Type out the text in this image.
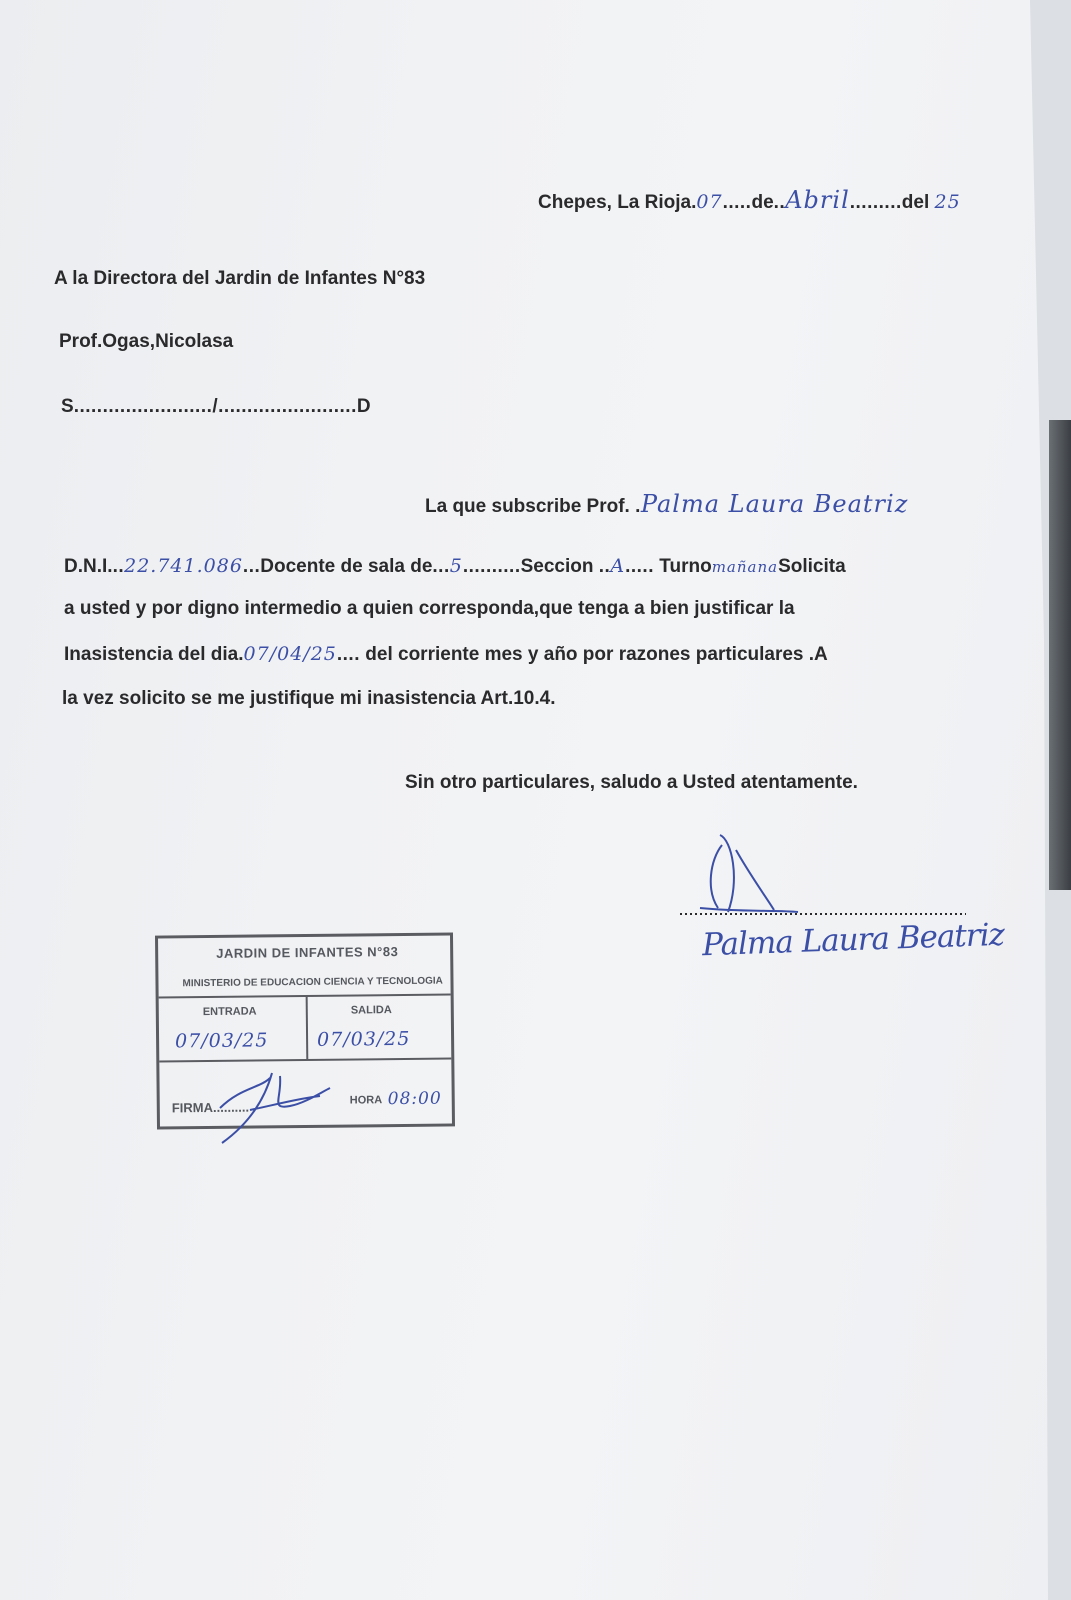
Chepes, La Rioja.07.....de..Abril.........del 25
A la Directora del Jardin de Infantes N°83
Prof.Ogas,Nicolasa
S......................../........................D
La que subscribe Prof. .Palma Laura Beatriz
D.N.I...22.741.086...Docente de sala de...5..........Seccion ..A..... TurnomañanaSolicita
a usted y por digno intermedio a quien corresponda,que tenga a bien justificar la
Inasistencia del dia.07/04/25.... del corriente mes y año por razones particulares .A
la vez solicito se me justifique mi inasistencia Art.10.4.
Sin otro particulares, saludo a Usted atentamente.
Palma Laura Beatriz
JARDIN DE INFANTES N°83
MINISTERIO DE EDUCACION CIENCIA Y TECNOLOGIA
ENTRADA	SALIDA
07/03/25	07/03/25
FIRMA..........	HORA 08:00
